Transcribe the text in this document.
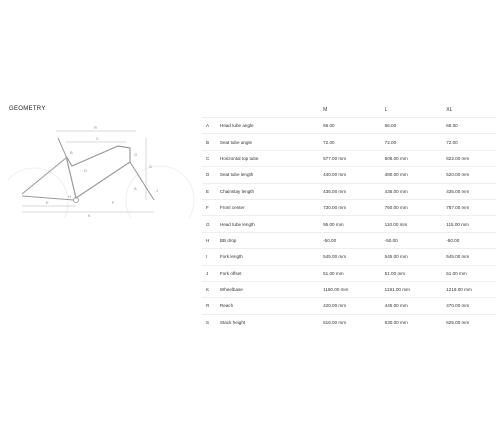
GEOMETRY
R
C
B	G
D
S
I
A	J
H
E	F
K
		M	L	XL
A	Head tube angle	66.00	66.00	66.00
B	Seat tube angle	72.00	72.00	72.00
C	Horizontal top tube	577.00 mm	606.00 mm	622.00 mm
D	Seat tube length	440.00 mm	480.00 mm	520.00 mm
E	Chainstay length	435.00 mm	435.00 mm	435.00 mm
F	Front center	730.00 mm	760.00 mm	787.00 mm
G	Head tube length	95.00 mm	110.00 mm	115.00 mm
H	BB drop	-50.00	-50.00	-50.00
I	Fork length	545.00 mm	545.00 mm	545.00 mm
J	Fork offset	51.00 mm	51.00 mm	51.00 mm
K	Wheelbase	1160.00 mm	1191.00 mm	1218.00 mm
R	Reach	420.00 mm	445.00 mm	470.00 mm
S	Stack height	616.00 mm	630.00 mm	625.00 mm
